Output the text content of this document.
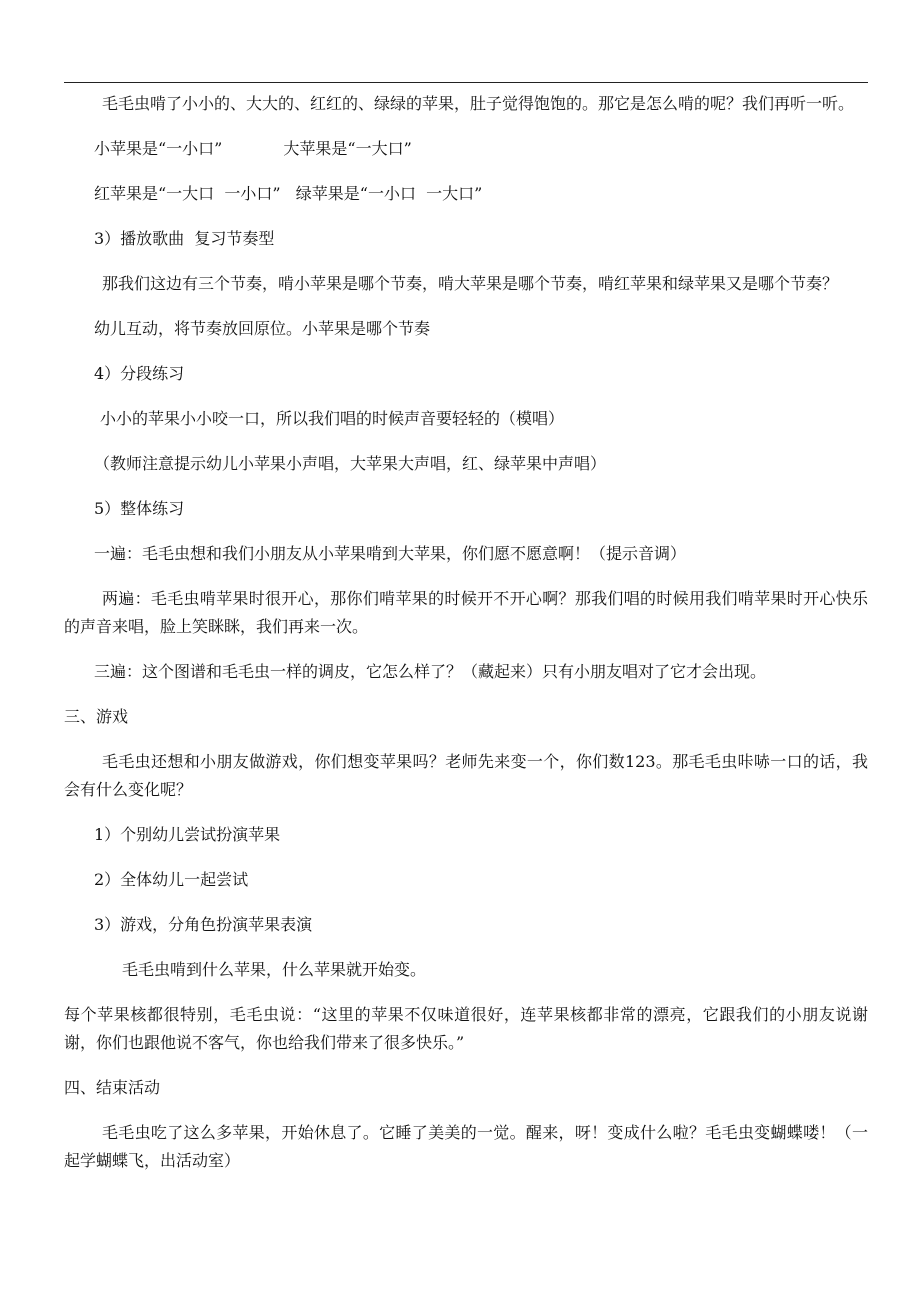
毛毛虫啃了小小的、大大的、红红的、绿绿的苹果，肚子觉得饱饱的。那它是怎么啃的呢？我们再听一听。

小苹果是“一小口”            大苹果是“一大口”

红苹果是“一大口  一小口”   绿苹果是“一小口  一大口”

3）播放歌曲  复习节奏型

那我们这边有三个节奏，啃小苹果是哪个节奏，啃大苹果是哪个节奏，啃红苹果和绿苹果又是哪个节奏？

幼儿互动，将节奏放回原位。小苹果是哪个节奏

4）分段练习

小小的苹果小小咬一口，所以我们唱的时候声音要轻轻的（模唱）

（教师注意提示幼儿小苹果小声唱，大苹果大声唱，红、绿苹果中声唱）

5）整体练习

一遍：毛毛虫想和我们小朋友从小苹果啃到大苹果，你们愿不愿意啊！（提示音调）

两遍：毛毛虫啃苹果时很开心，那你们啃苹果的时候开不开心啊？那我们唱的时候用我们啃苹果时开心快乐的声音来唱，脸上笑眯眯，我们再来一次。

三遍：这个图谱和毛毛虫一样的调皮，它怎么样了？（藏起来）只有小朋友唱对了它才会出现。

三、游戏

毛毛虫还想和小朋友做游戏，你们想变苹果吗？老师先来变一个，你们数123。那毛毛虫咔哧一口的话，我会有什么变化呢？

1）个别幼儿尝试扮演苹果

2）全体幼儿一起尝试

3）游戏，分角色扮演苹果表演

毛毛虫啃到什么苹果，什么苹果就开始变。

每个苹果核都很特别，毛毛虫说：“这里的苹果不仅味道很好，连苹果核都非常的漂亮，它跟我们的小朋友说谢谢，你们也跟他说不客气，你也给我们带来了很多快乐。”

四、结束活动

毛毛虫吃了这么多苹果，开始休息了。它睡了美美的一觉。醒来，呀！变成什么啦？毛毛虫变蝴蝶喽！（一起学蝴蝶飞，出活动室）
